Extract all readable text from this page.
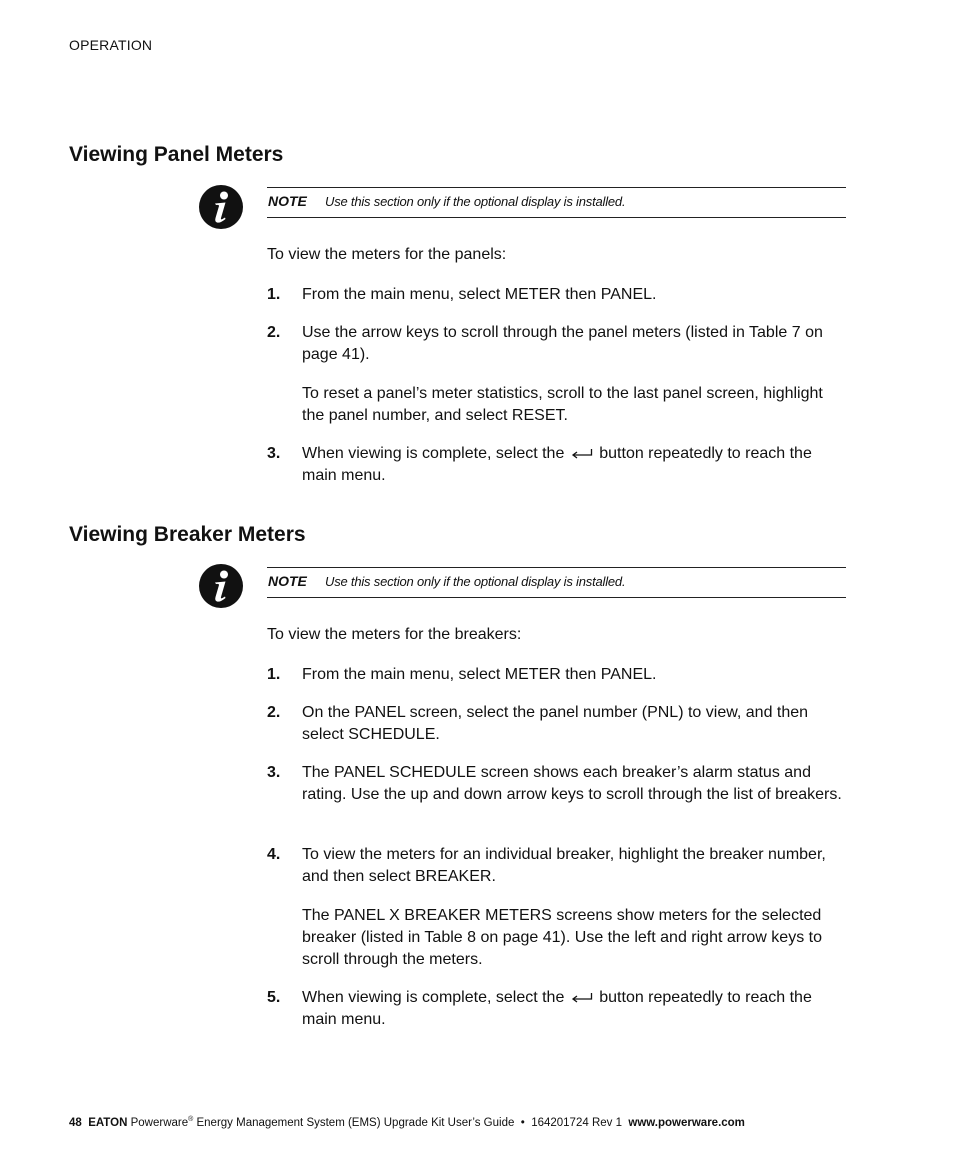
OPERATION
Viewing Panel Meters
NOTE Use this section only if the optional display is installed.

To view the meters for the panels:

1. From the main menu, select METER then PANEL.
2. Use the arrow keys to scroll through the panel meters (listed in Table 7 on page 41).

To reset a panel’s meter statistics, scroll to the last panel screen, highlight the panel number, and select RESET.

3. When viewing is complete, select the button repeatedly to reach the main menu.
Viewing Breaker Meters
NOTE Use this section only if the optional display is installed.

To view the meters for the breakers:

1. From the main menu, select METER then PANEL.
2. On the PANEL screen, select the panel number (PNL) to view, and then select SCHEDULE.
3. The PANEL SCHEDULE screen shows each breaker’s alarm status and rating. Use the up and down arrow keys to scroll through the list of breakers.
4. To view the meters for an individual breaker, highlight the breaker number, and then select BREAKER.

The PANEL X BREAKER METERS screens show meters for the selected breaker (listed in Table 8 on page 41). Use the left and right arrow keys to scroll through the meters.

5. When viewing is complete, select the button repeatedly to reach the main menu.
48 EATON Powerware® Energy Management System (EMS) Upgrade Kit User’s Guide • 164201724 Rev 1 www.powerware.com
